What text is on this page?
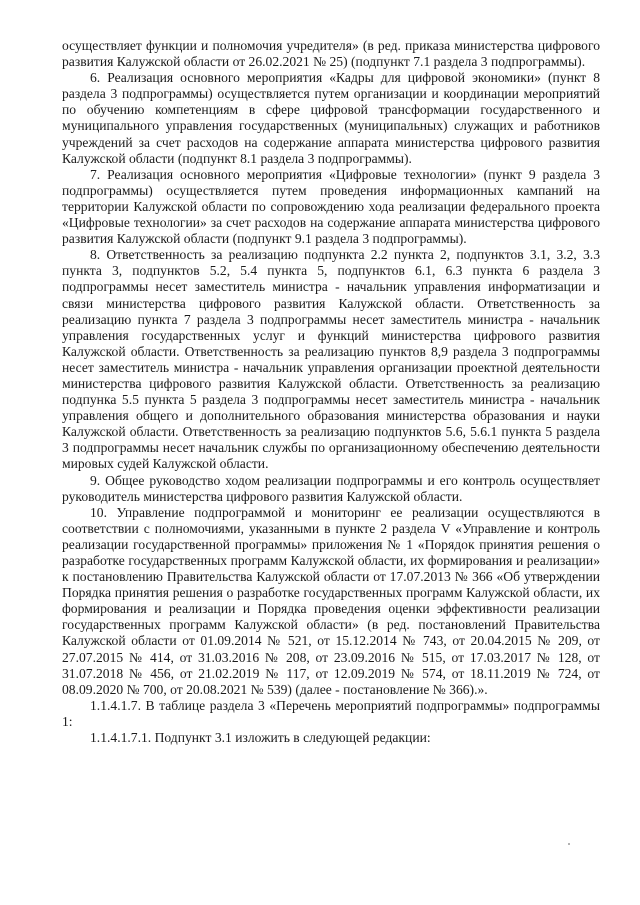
осуществляет функции и полномочия учредителя» (в ред. приказа министерства цифрового развития Калужской области от 26.02.2021 № 25) (подпункт 7.1 раздела 3 подпрограммы).

6. Реализация основного мероприятия «Кадры для цифровой экономики» (пункт 8 раздела 3 подпрограммы) осуществляется путем организации и координации мероприятий по обучению компетенциям в сфере цифровой трансформации государственного и муниципального управления государственных (муниципальных) служащих и работников учреждений за счет расходов на содержание аппарата министерства цифрового развития Калужской области (подпункт 8.1 раздела 3 подпрограммы).

7. Реализация основного мероприятия «Цифровые технологии» (пункт 9 раздела 3 подпрограммы) осуществляется путем проведения информационных кампаний на территории Калужской области по сопровождению хода реализации федерального проекта «Цифровые технологии» за счет расходов на содержание аппарата министерства цифрового развития Калужской области (подпункт 9.1 раздела 3 подпрограммы).

8. Ответственность за реализацию подпункта 2.2 пункта 2, подпунктов 3.1, 3.2, 3.3 пункта 3, подпунктов 5.2, 5.4 пункта 5, подпунктов 6.1, 6.3 пункта 6 раздела 3 подпрограммы несет заместитель министра - начальник управления информатизации и связи министерства цифрового развития Калужской области. Ответственность за реализацию пункта 7 раздела 3 подпрограммы несет заместитель министра - начальник управления государственных услуг и функций министерства цифрового развития Калужской области. Ответственность за реализацию пунктов 8,9 раздела 3 подпрограммы несет заместитель министра - начальник управления организации проектной деятельности министерства цифрового развития Калужской области. Ответственность за реализацию подпунка 5.5 пункта 5 раздела 3 подпрограммы несет заместитель министра - начальник управления общего и дополнительного образования министерства образования и науки Калужской области. Ответственность за реализацию подпунктов 5.6, 5.6.1 пункта 5 раздела 3 подпрограммы несет начальник службы по организационному обеспечению деятельности мировых судей Калужской области.

9. Общее руководство ходом реализации подпрограммы и его контроль осуществляет руководитель министерства цифрового развития Калужской области.

10. Управление подпрограммой и мониторинг ее реализации осуществляются в соответствии с полномочиями, указанными в пункте 2 раздела V «Управление и контроль реализации государственной программы» приложения № 1 «Порядок принятия решения о разработке государственных программ Калужской области, их формирования и реализации» к постановлению Правительства Калужской области от 17.07.2013 № 366 «Об утверждении Порядка принятия решения о разработке государственных программ Калужской области, их формирования и реализации и Порядка проведения оценки эффективности реализации государственных программ Калужской области» (в ред. постановлений Правительства Калужской области от 01.09.2014 № 521, от 15.12.2014 № 743, от 20.04.2015 № 209, от 27.07.2015 № 414, от 31.03.2016 № 208, от 23.09.2016 № 515, от 17.03.2017 № 128, от 31.07.2018 № 456, от 21.02.2019 № 117, от 12.09.2019 № 574, от 18.11.2019 № 724, от 08.09.2020 № 700, от 20.08.2021 № 539) (далее - постановление № 366).».

1.1.4.1.7. В таблице раздела 3 «Перечень мероприятий подпрограммы» подпрограммы 1:

1.1.4.1.7.1. Подпункт 3.1 изложить в следующей редакции:
